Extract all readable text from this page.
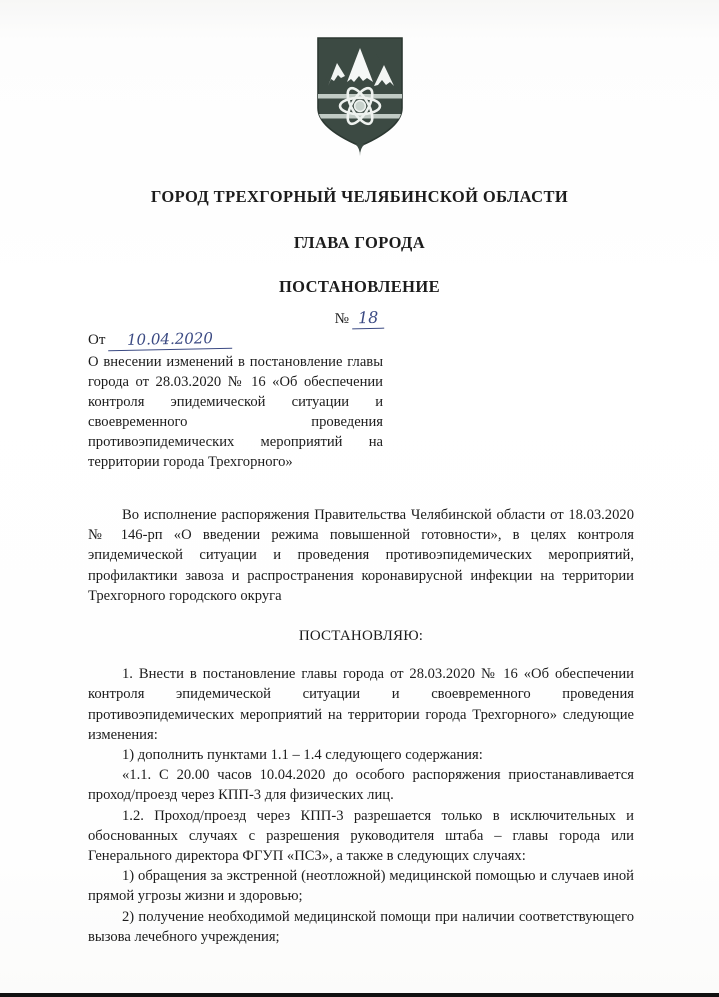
ГОРОД ТРЕХГОРНЫЙ ЧЕЛЯБИНСКОЙ ОБЛАСТИ
ГЛАВА ГОРОДА
ПОСТАНОВЛЕНИЕ
№ 18
От 10.04.2020

О внесении изменений в постановление главы города от 28.03.2020 № 16 «Об обеспечении контроля эпидемической ситуации и своевременного проведения противоэпидемических мероприятий на территории города Трехгорного»

Во исполнение распоряжения Правительства Челябинской области от 18.03.2020 № 146-рп «О введении режима повышенной готовности», в целях контроля эпидемической ситуации и проведения противоэпидемических мероприятий, профилактики завоза и распространения коронавирусной инфекции на территории Трехгорного городского округа

ПОСТАНОВЛЯЮ:

1. Внести в постановление главы города от 28.03.2020 № 16 «Об обеспечении контроля эпидемической ситуации и своевременного проведения противоэпидемических мероприятий на территории города Трехгорного» следующие изменения:

1) дополнить пунктами 1.1 – 1.4 следующего содержания:

«1.1. С 20.00 часов 10.04.2020 до особого распоряжения приостанавливается проход/проезд через КПП-3 для физических лиц.

1.2. Проход/проезд через КПП-3 разрешается только в исключительных и обоснованных случаях с разрешения руководителя штаба – главы города или Генерального директора ФГУП «ПСЗ», а также в следующих случаях:

1) обращения за экстренной (неотложной) медицинской помощью и случаев иной прямой угрозы жизни и здоровью;

2) получение необходимой медицинской помощи при наличии соответствующего вызова лечебного учреждения;
